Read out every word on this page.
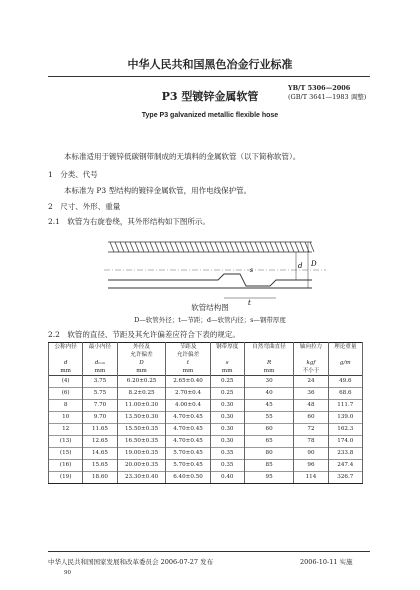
中华人民共和国黑色冶金行业标准
YB/T 5306—2006
(GB/T 3641—1983 调整)
P3 型镀锌金属软管
Type P3 galvanized metallic flexible hose
本标准适用于镀锌低碳钢带制成的无填料的金属软管（以下简称软管）。
1　分类、代号
本标准为 P3 型结构的镀锌金属软管，用作电线保护管。
2　尺寸、外形、重量
2.1　软管为右旋卷绕，其外形结构如下图所示。
d D
t
s
软管结构图
D—软管外径；t—节距；d—软管内径；s—钢带厚度
2.2　软管的直径、节距及其允许偏差应符合下表的规定。
公称内径	最小内径	外径及	节距及	钢带厚度	自然弯曲直径	轴向拉力	理论重量
		允许偏差	允许偏差				
d	dₘᵢₙ	D	t	s	R	kgf	g/m
mm	mm	mm	mm	mm	mm	不小于	
(4)	3.75	6.20±0.25	2.65±0.40	0.25	30	24	49.6
(6)	5.75	8.2±0.25	2.70±0.4	0.25	40	36	68.6
8	7.70	11.00±0.30	4.00±0.4	0.30	45	48	111.7
10	9.70	13.50±0.30	4.70±0.45	0.30	55	60	139.0
12	11.65	15.50±0.35	4.70±0.45	0.30	60	72	162.3
(13)	12.65	16.50±0.35	4.70±0.45	0.30	65	78	174.0
(15)	14.65	19.00±0.35	5.70±0.45	0.35	80	90	233.8
(16)	15.65	20.00±0.35	5.70±0.45	0.35	85	96	247.4
(19)	18.60	23.30±0.40	6.40±0.50	0.40	95	114	326.7
中华人民共和国国家发展和改革委员会 2006-07-27 发布	2006-10-11 实施
90
